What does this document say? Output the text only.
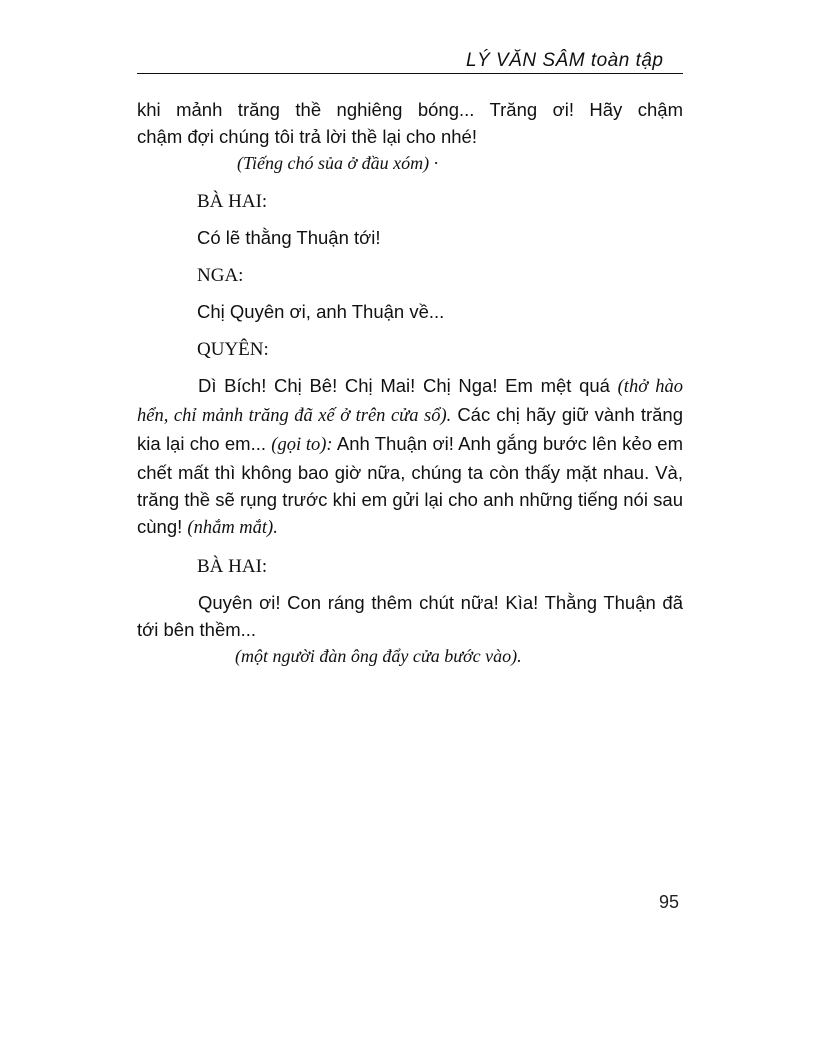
LÝ VĂN SÂM toàn tập

khi mảnh trăng thề nghiêng bóng... Trăng ơi! Hãy chậm

chậm đợi chúng tôi trả lời thề lại cho nhé!

(Tiếng chó sủa ở đầu xóm) ·

BÀ HAI:

Có lẽ thằng Thuận tới!

NGA:

Chị Quyên ơi, anh Thuận về...

QUYÊN:

Dì Bích! Chị Bê! Chị Mai! Chị Nga! Em mệt quá (thở hào hển, chỉ mảnh trăng đã xế ở trên cửa sổ). Các chị hãy giữ vành trăng kia lại cho em... (gọi to): Anh Thuận ơi! Anh gắng bước lên kẻo em chết mất thì không bao giờ nữa, chúng ta còn thấy mặt nhau. Và, trăng thề sẽ rụng trước khi em gửi lại cho anh những tiếng nói sau cùng! (nhắm mắt).

BÀ HAI:

Quyên ơi! Con ráng thêm chút nữa! Kìa! Thằng Thuận đã tới bên thềm...

(một người đàn ông đẩy cửa bước vào).

95
